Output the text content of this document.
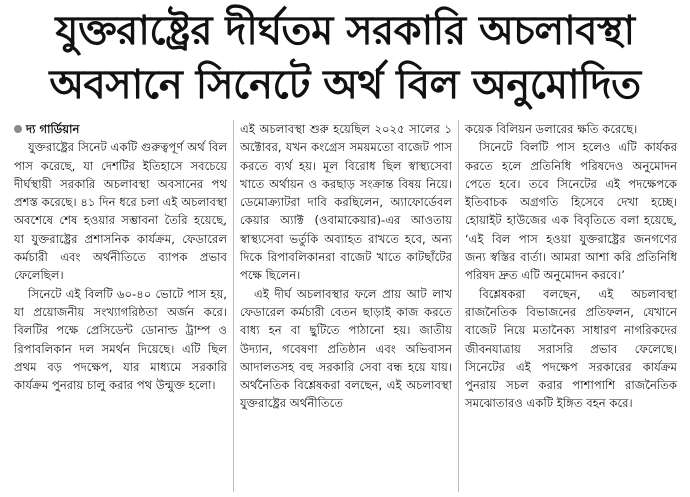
যুক্তরাষ্ট্রের দীর্ঘতম সরকারি অচলাবস্থা
অবসানে সিনেটে অর্থ বিল অনুমোদিত
দ্য গার্ডিয়ান

যুক্তরাষ্ট্রের সিনেট একটি গুরুত্বপূর্ণ অর্থ বিল পাস করেছে, যা দেশটির ইতিহাসে সবচেয়ে দীর্ঘস্থায়ী সরকারি অচলাবস্থা অবসানের পথ প্রশস্ত করেছে। ৪১ দিন ধরে চলা এই অচলাবস্থা অবশেষে শেষ হওয়ার সম্ভাবনা তৈরি হয়েছে, যা যুক্তরাষ্ট্রের প্রশাসনিক কার্যক্রম, ফেডারেল কর্মচারী এবং অর্থনীতিতে ব্যাপক প্রভাব ফেলেছিল।

সিনেটে এই বিলটি ৬০-৪০ ভোটে পাস হয়, যা প্রয়োজনীয় সংখ্যাগরিষ্ঠতা অর্জন করে। বিলটির পক্ষে প্রেসিডেন্ট ডোনাল্ড ট্রাম্প ও রিপাবলিকান দল সমর্থন দিয়েছে। এটি ছিল প্রথম বড় পদক্ষেপ, যার মাধ্যমে সরকারি কার্যক্রম পুনরায় চালু করার পথ উন্মুক্ত হলো।

এই অচলাবস্থা শুরু হয়েছিল ২০২৫ সালের ১ অক্টোবর, যখন কংগ্রেস সময়মতো বাজেট পাস করতে ব্যর্থ হয়। মূল বিরোধ ছিল স্বাস্থ্যসেবা খাতে অর্থায়ন ও করছাড় সংক্রান্ত বিষয় নিয়ে। ডেমোক্র্যাটরা দাবি করছিলেন, অ্যাফোর্ডেবল কেয়ার অ্যাক্ট (ওবামাকেয়ার)-এর আওতায় স্বাস্থ্যসেবা ভর্তুকি অব্যাহত রাখতে হবে, অন্য দিকে রিপাবলিকানরা বাজেট খাতে কাটছাঁটের পক্ষে ছিলেন।

এই দীর্ঘ অচলাবস্থার ফলে প্রায় আট লাখ ফেডারেল কর্মচারী বেতন ছাড়াই কাজ করতে বাধ্য হন বা ছুটিতে পাঠানো হয়। জাতীয় উদ্যান, গবেষণা প্রতিষ্ঠান এবং অভিবাসন আদালতসহ বহু সরকারি সেবা বন্ধ হয়ে যায়। অর্থনৈতিক বিশ্লেষকরা বলছেন, এই অচলাবস্থা যুক্তরাষ্ট্রের অর্থনীতিতে

কয়েক বিলিয়ন ডলারের ক্ষতি করেছে।

সিনেটে বিলটি পাস হলেও এটি কার্যকর করতে হলে প্রতিনিধি পরিষদেও অনুমোদন পেতে হবে। তবে সিনেটের এই পদক্ষেপকে ইতিবাচক অগ্রগতি হিসেবে দেখা হচ্ছে। হোয়াইট হাউজের এক বিবৃতিতে বলা হয়েছে, ‘এই বিল পাস হওয়া যুক্তরাষ্ট্রের জনগণের জন্য স্বস্তির বার্তা। আমরা আশা করি প্রতিনিধি পরিষদ দ্রুত এটি অনুমোদন করবে।’

বিশ্লেষকরা বলছেন, এই অচলাবস্থা রাজনৈতিক বিভাজনের প্রতিফলন, যেখানে বাজেট নিয়ে মতানৈক্য সাধারণ নাগরিকদের জীবনযাত্রায় সরাসরি প্রভাব ফেলেছে। সিনেটের এই পদক্ষেপ সরকারের কার্যক্রম পুনরায় সচল করার পাশাপাশি রাজনৈতিক সমঝোতারও একটি ইঙ্গিত বহন করে।
